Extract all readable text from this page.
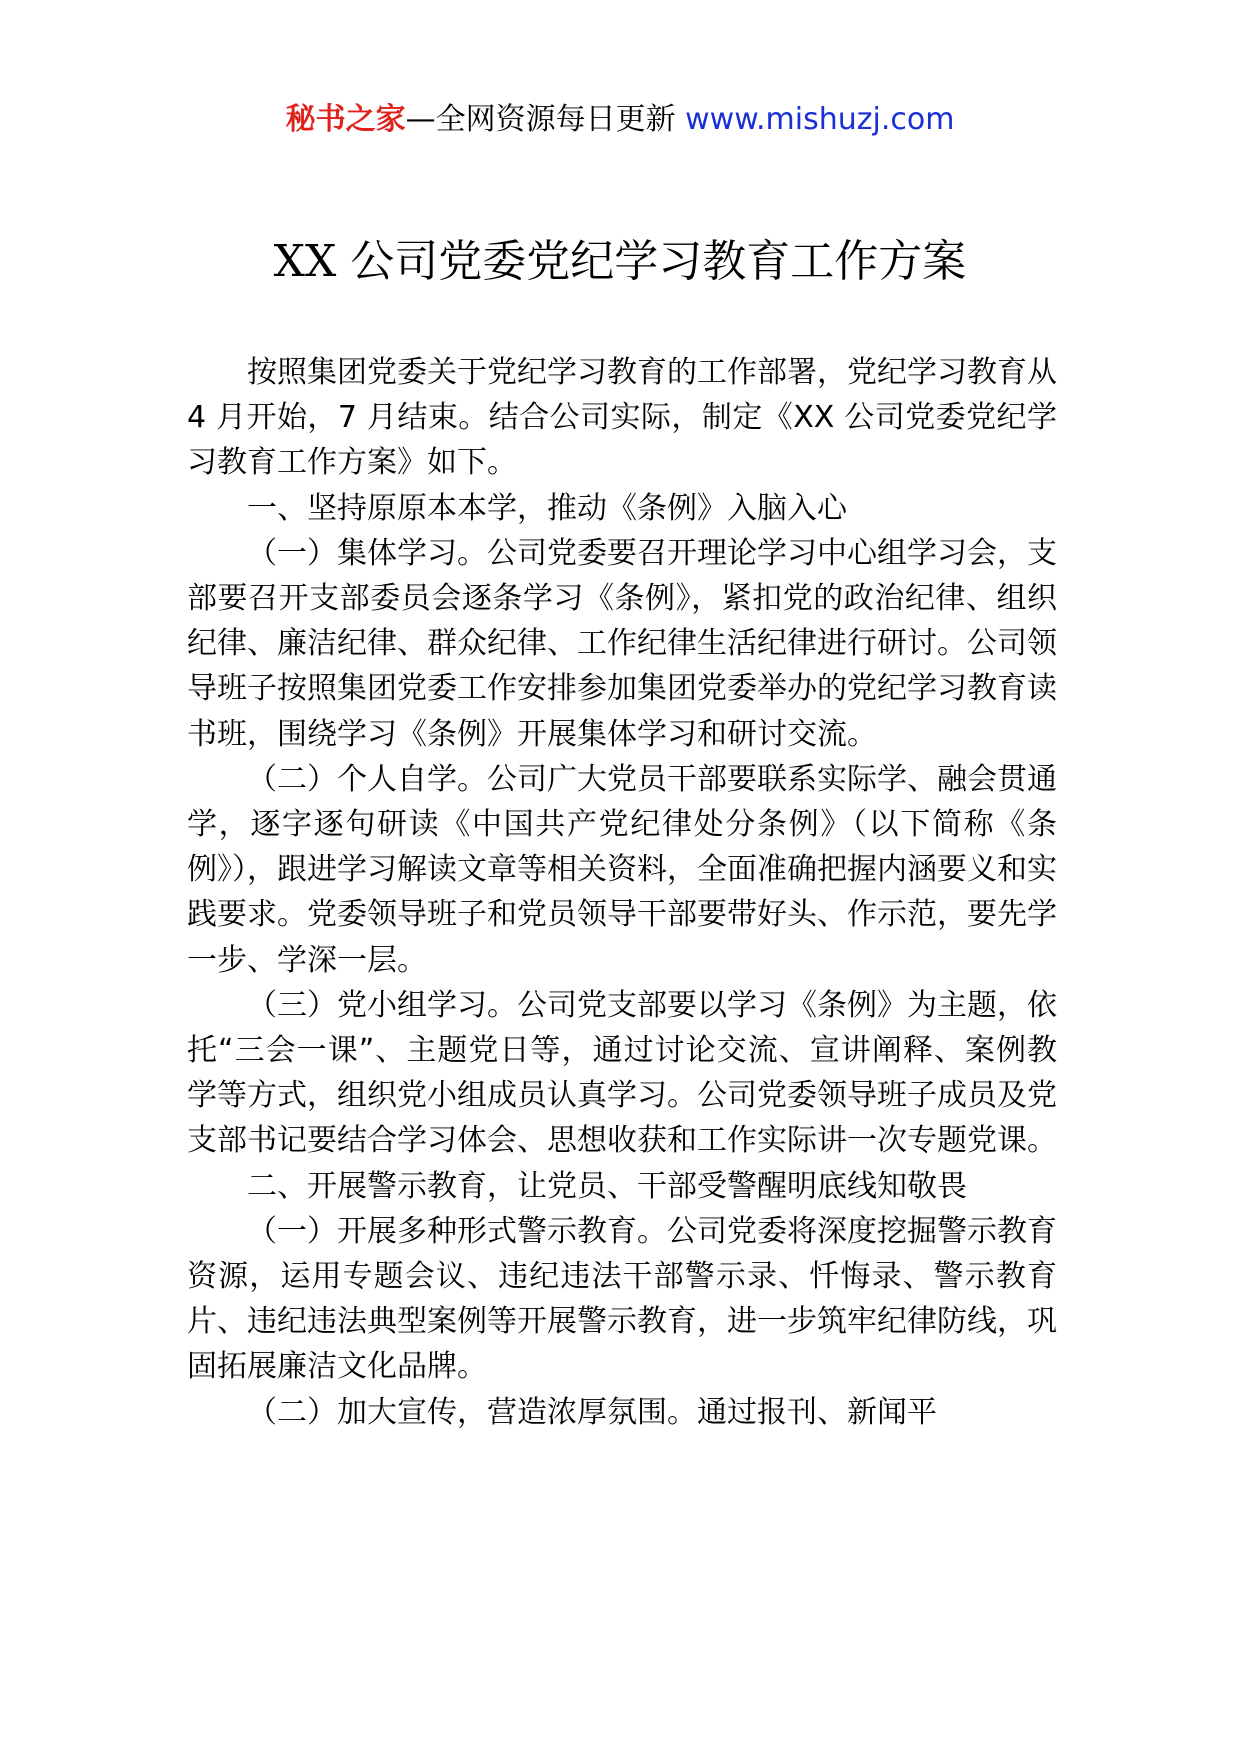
秘书之家—全网资源每日更新 www.mishuzj.com
XX 公司党委党纪学习教育工作方案

按照集团党委关于党纪学习教育的工作部署，党纪学习教育从 4 月开始，7 月结束。结合公司实际，制定《XX 公司党委党纪学习教育工作方案》如下。

一、坚持原原本本学，推动《条例》入脑入心

（一）集体学习。公司党委要召开理论学习中心组学习会，支部要召开支部委员会逐条学习《条例》，紧扣党的政治纪律、组织纪律、廉洁纪律、群众纪律、工作纪律生活纪律进行研讨。公司领导班子按照集团党委工作安排参加集团党委举办的党纪学习教育读书班，围绕学习《条例》开展集体学习和研讨交流。

（二）个人自学。公司广大党员干部要联系实际学、融会贯通学，逐字逐句研读《中国共产党纪律处分条例》（以下简称《条例》），跟进学习解读文章等相关资料，全面准确把握内涵要义和实践要求。党委领导班子和党员领导干部要带好头、作示范，要先学一步、学深一层。

（三）党小组学习。公司党支部要以学习《条例》为主题，依托“三会一课”、主题党日等，通过讨论交流、宣讲阐释、案例教学等方式，组织党小组成员认真学习。公司党委领导班子成员及党支部书记要结合学习体会、思想收获和工作实际讲一次专题党课。

二、开展警示教育，让党员、干部受警醒明底线知敬畏

（一）开展多种形式警示教育。公司党委将深度挖掘警示教育资源，运用专题会议、违纪违法干部警示录、忏悔录、警示教育片、违纪违法典型案例等开展警示教育，进一步筑牢纪律防线，巩固拓展廉洁文化品牌。

（二）加大宣传，营造浓厚氛围。通过报刊、新闻平
